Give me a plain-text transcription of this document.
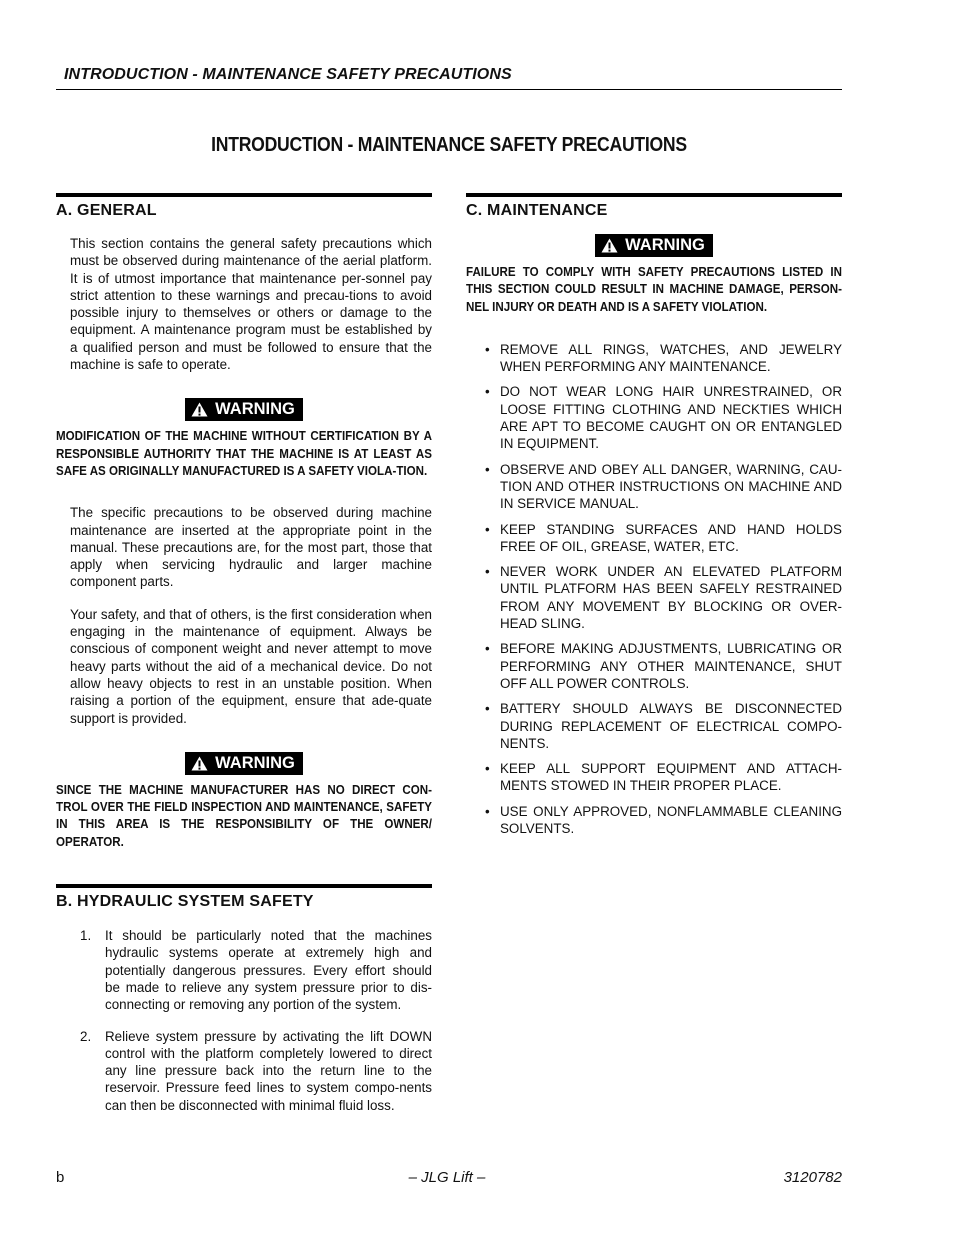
INTRODUCTION - MAINTENANCE SAFETY PRECAUTIONS
INTRODUCTION - MAINTENANCE SAFETY PRECAUTIONS
A. GENERAL

This section contains the general safety precautions which must be observed during maintenance of the aerial platform. It is of utmost importance that maintenance per-sonnel pay strict attention to these warnings and precau-tions to avoid possible injury to themselves or others or damage to the equipment. A maintenance program must be established by a qualified person and must be followed to ensure that the machine is safe to operate.

WARNING

MODIFICATION OF THE MACHINE WITHOUT CERTIFICATION BY A RESPONSIBLE AUTHORITY THAT THE MACHINE IS AT LEAST AS SAFE AS ORIGINALLY MANUFACTURED IS A SAFETY VIOLA-TION.

The specific precautions to be observed during machine maintenance are inserted at the appropriate point in the manual. These precautions are, for the most part, those that apply when servicing hydraulic and larger machine component parts.

Your safety, and that of others, is the first consideration when engaging in the maintenance of equipment. Always be conscious of component weight and never attempt to move heavy parts without the aid of a mechanical device. Do not allow heavy objects to rest in an unstable position. When raising a portion of the equipment, ensure that ade-quate support is provided.

WARNING

SINCE THE MACHINE MANUFACTURER HAS NO DIRECT CON-TROL OVER THE FIELD INSPECTION AND MAINTENANCE, SAFETY IN THIS AREA IS THE RESPONSIBILITY OF THE OWNER/ OPERATOR.

B. HYDRAULIC SYSTEM SAFETY
1. It should be particularly noted that the machines hydraulic systems operate at extremely high and potentially dangerous pressures. Every effort should be made to relieve any system pressure prior to dis-connecting or removing any portion of the system.
2. Relieve system pressure by activating the lift DOWN control with the platform completely lowered to direct any line pressure back into the return line to the reservoir. Pressure feed lines to system compo-nents can then be disconnected with minimal fluid loss.
C. MAINTENANCE
WARNING

FAILURE TO COMPLY WITH SAFETY PRECAUTIONS LISTED IN THIS SECTION COULD RESULT IN MACHINE DAMAGE, PERSON-NEL INJURY OR DEATH AND IS A SAFETY VIOLATION.

• REMOVE ALL RINGS, WATCHES, AND JEWELRY WHEN PERFORMING ANY MAINTENANCE.
• DO NOT WEAR LONG HAIR UNRESTRAINED, OR LOOSE FITTING CLOTHING AND NECKTIES WHICH ARE APT TO BECOME CAUGHT ON OR ENTANGLED IN EQUIPMENT.
• OBSERVE AND OBEY ALL DANGER, WARNING, CAU-TION AND OTHER INSTRUCTIONS ON MACHINE AND IN SERVICE MANUAL.
• KEEP STANDING SURFACES AND HAND HOLDS FREE OF OIL, GREASE, WATER, ETC.
• NEVER WORK UNDER AN ELEVATED PLATFORM UNTIL PLATFORM HAS BEEN SAFELY RESTRAINED FROM ANY MOVEMENT BY BLOCKING OR OVER-HEAD SLING.
• BEFORE MAKING ADJUSTMENTS, LUBRICATING OR PERFORMING ANY OTHER MAINTENANCE, SHUT OFF ALL POWER CONTROLS.
• BATTERY SHOULD ALWAYS BE DISCONNECTED DURING REPLACEMENT OF ELECTRICAL COMPO-NENTS.
• KEEP ALL SUPPORT EQUIPMENT AND ATTACH-MENTS STOWED IN THEIR PROPER PLACE.
• USE ONLY APPROVED, NONFLAMMABLE CLEANING SOLVENTS.
b	– JLG Lift –	3120782
